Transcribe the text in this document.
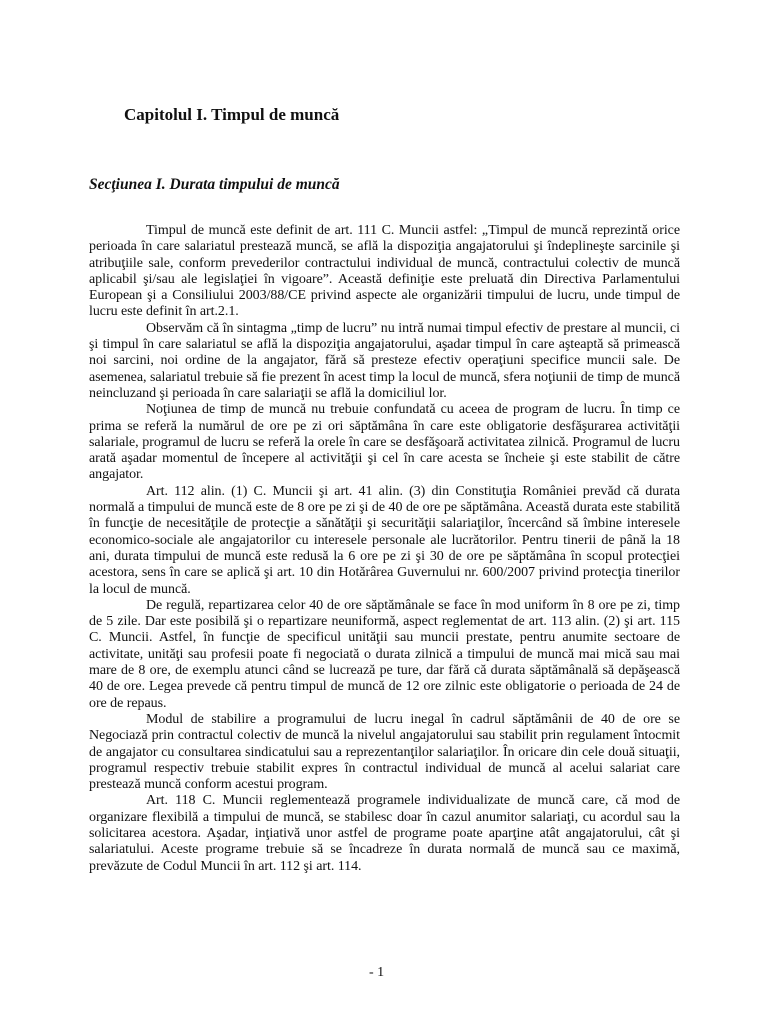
Capitolul I. Timpul de muncă
Secţiunea I. Durata timpului de muncă

Timpul de muncă este definit de art. 111 C. Muncii astfel: „Timpul de muncă reprezintă orice perioada în care salariatul prestează muncă, se află la dispoziţia angajatorului şi îndeplineşte sarcinile şi atribuţiile sale, conform prevederilor contractului individual de muncă, contractului colectiv de muncă aplicabil şi/sau ale legislaţiei în vigoare”. Această definiţie este preluată din Directiva Parlamentului European şi a Consiliului 2003/88/CE privind aspecte ale organizării timpului de lucru, unde timpul de lucru este definit în art.2.1.

Observăm că în sintagma „timp de lucru” nu intră numai timpul efectiv de prestare al muncii, ci şi timpul în care salariatul se află la dispoziţia angajatorului, aşadar timpul în care aşteaptă să primească noi sarcini, noi ordine de la angajator, fără să presteze efectiv operaţiuni specifice muncii sale. De asemenea, salariatul trebuie să fie prezent în acest timp la locul de muncă, sfera noţiunii de timp de muncă neincluzand şi perioada în care salariaţii se află la domiciliul lor.

Noţiunea de timp de muncă nu trebuie confundată cu aceea de program de lucru. În timp ce prima se referă la numărul de ore pe zi ori săptămâna în care este obligatorie desfăşurarea activităţii salariale, programul de lucru se referă la orele în care se desfăşoară activitatea zilnică. Programul de lucru arată aşadar momentul de începere al activităţii şi cel în care acesta se încheie şi este stabilit de către angajator.

Art. 112 alin. (1) C. Muncii şi art. 41 alin. (3) din Constituţia României prevăd că durata normală a timpului de muncă este de 8 ore pe zi şi de 40 de ore pe săptămâna. Această durata este stabilită în funcţie de necesităţile de protecţie a sănătăţii şi securităţii salariaţilor, încercând să îmbine interesele economico-sociale ale angajatorilor cu interesele personale ale lucrătorilor. Pentru tinerii de până la 18 ani, durata timpului de muncă este redusă la 6 ore pe zi şi 30 de ore pe săptămâna în scopul protecţiei acestora, sens în care se aplică şi art. 10 din Hotărârea Guvernului nr. 600/2007 privind protecţia tinerilor la locul de muncă.

De regulă, repartizarea celor 40 de ore săptămânale se face în mod uniform în 8 ore pe zi, timp de 5 zile. Dar este posibilă şi o repartizare neuniformă, aspect reglementat de art. 113 alin. (2) şi art. 115 C. Muncii. Astfel, în funcţie de specificul unităţii sau muncii prestate, pentru anumite sectoare de activitate, unităţi sau profesii poate fi negociată o durata zilnică a timpului de muncă mai mică sau mai mare de 8 ore, de exemplu atunci când se lucrează pe ture, dar fără că durata săptămânală să depăşească 40 de ore. Legea prevede că pentru timpul de muncă de 12 ore zilnic este obligatorie o perioada de 24 de ore de repaus.

Modul de stabilire a programului de lucru inegal în cadrul săptămânii de 40 de ore se Negociază prin contractul colectiv de muncă la nivelul angajatorului sau stabilit prin regulament întocmit de angajator cu consultarea sindicatului sau a reprezentanţilor salariaţilor. În oricare din cele două situaţii, programul respectiv trebuie stabilit expres în contractul individual de muncă al acelui salariat care prestează muncă conform acestui program.

Art. 118 C. Muncii reglementează programele individualizate de muncă care, că mod de organizare flexibilă a timpului de muncă, se stabilesc doar în cazul anumitor salariaţi, cu acordul sau la solicitarea acestora. Aşadar, inţiativă unor astfel de programe poate aparţine atât angajatorului, cât şi salariatului. Aceste programe trebuie să se încadreze în durata normală de muncă sau ce maximă, prevăzute de Codul Muncii în art. 112 şi art. 114.

- 1
